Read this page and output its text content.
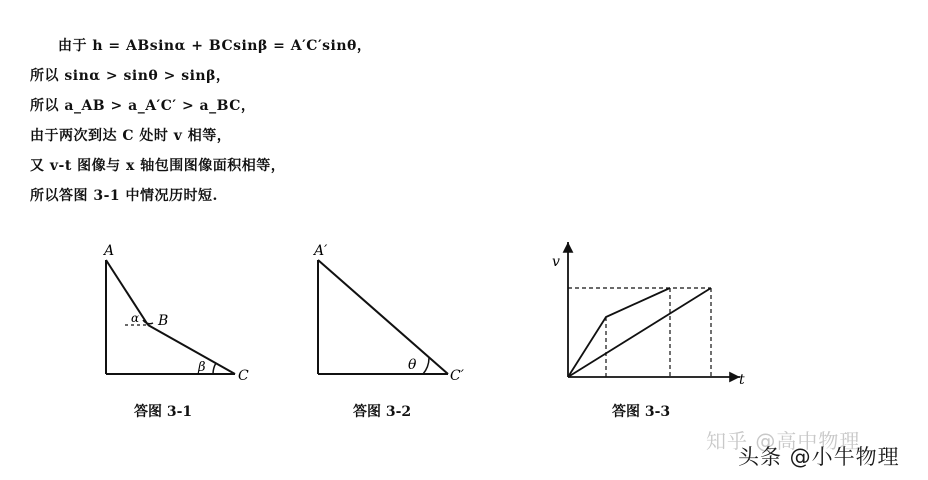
由于 h = ABsinα + BCsinβ = A′C′sinθ，
所以 sinα > sinθ > sinβ，
所以 a_AB > a_A′C′ > a_BC，
由于两次到达 C 处时 v 相等，
又 v-t 图像与 x 轴包围图像面积相等，
所以答图 3-1 中情况历时短.
A
B
C
α
β
答图 3-1
A′
C′
θ
答图 3-2
v
t
答图 3-3
知乎 @高中物理
头条 @小牛物理
